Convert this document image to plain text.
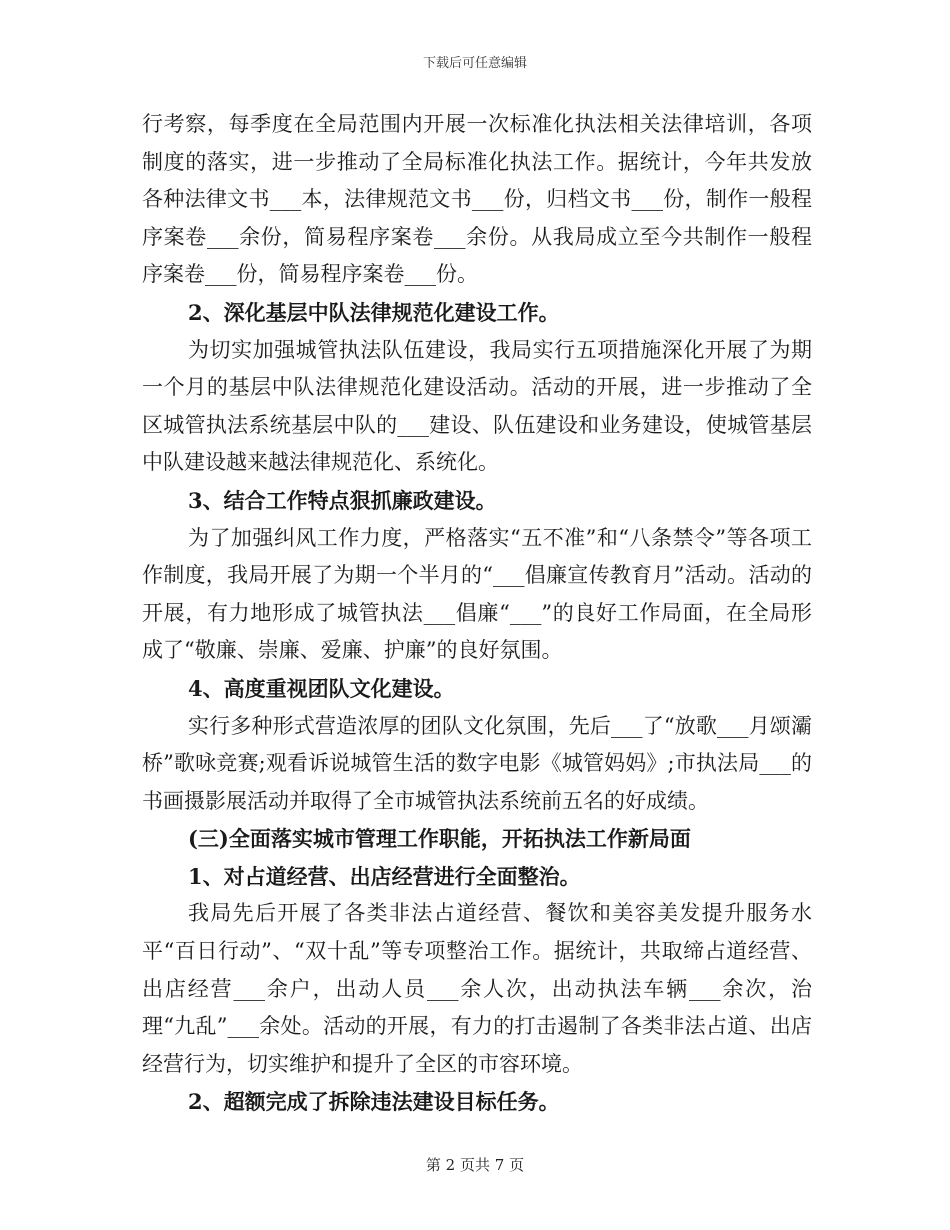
下载后可任意编辑

行考察，每季度在全局范围内开展一次标准化执法相关法律培训，各项制度的落实，进一步推动了全局标准化执法工作。据统计，今年共发放各种法律文书___本，法律规范文书___份，归档文书___份，制作一般程序案卷___余份，简易程序案卷___余份。从我局成立至今共制作一般程序案卷___份，简易程序案卷___份。

2、深化基层中队法律规范化建设工作。

为切实加强城管执法队伍建设，我局实行五项措施深化开展了为期一个月的基层中队法律规范化建设活动。活动的开展，进一步推动了全区城管执法系统基层中队的___建设、队伍建设和业务建设，使城管基层中队建设越来越法律规范化、系统化。

3、结合工作特点狠抓廉政建设。

为了加强纠风工作力度，严格落实“五不准”和“八条禁令”等各项工作制度，我局开展了为期一个半月的“___倡廉宣传教育月”活动。活动的开展，有力地形成了城管执法___倡廉“___”的良好工作局面，在全局形成了“敬廉、崇廉、爱廉、护廉”的良好氛围。

4、高度重视团队文化建设。

实行多种形式营造浓厚的团队文化氛围，先后___了“放歌___月颂灞桥”歌咏竞赛;观看诉说城管生活的数字电影《城管妈妈》;市执法局___的书画摄影展活动并取得了全市城管执法系统前五名的好成绩。

(三)全面落实城市管理工作职能，开拓执法工作新局面

1、对占道经营、出店经营进行全面整治。

我局先后开展了各类非法占道经营、餐饮和美容美发提升服务水平“百日行动”、“双十乱”等专项整治工作。据统计，共取缔占道经营、出店经营___余户，出动人员___余人次，出动执法车辆___余次，治理“九乱”___余处。活动的开展，有力的打击遏制了各类非法占道、出店经营行为，切实维护和提升了全区的市容环境。

2、超额完成了拆除违法建设目标任务。

第 2 页共 7 页
